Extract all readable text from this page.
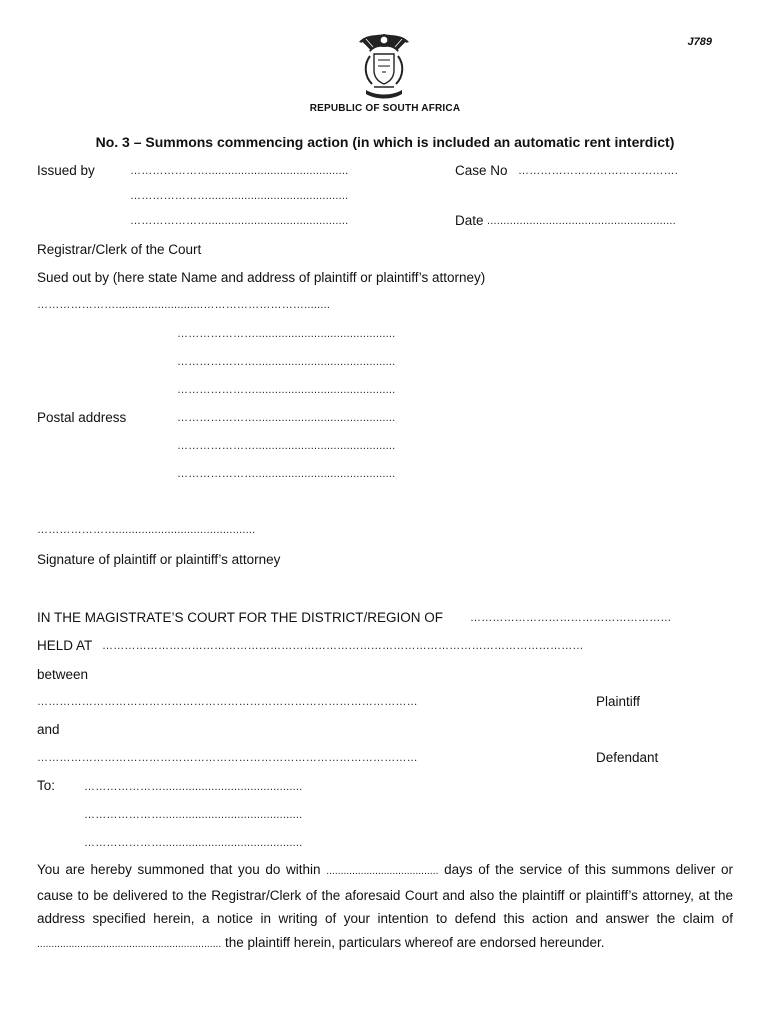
J789
REPUBLIC OF SOUTH AFRICA
No. 3 – Summons commencing action (in which is included an automatic rent interdict)
Issued by	…………………...........................................
…………………...........................................
…………………...........................................
Case No …………………………………….
Date ..........................................................
Registrar/Clerk of the Court
Sued out by (here state Name and address of plaintiff or plaintiff’s attorney)
…………………...........................………………………........
…………………...........................................
…………………...........................................
…………………...........................................
Postal address	…………………...........................................
…………………...........................................
…………………...........................................
…………………...........................................
Signature of plaintiff or plaintiff’s attorney
IN THE MAGISTRATE’S COURT FOR THE DISTRICT/REGION OF ………………………………………………
HELD AT …………………………………………………………………………………………………………………
between
…………………………………………………………………………………………	Plaintiff
and
…………………………………………………………………………………………	Defendant
To:	…………………...........................................
…………………...........................................
…………………...........................................
You are hereby summoned that you do within ....................................... days of the service of this summons deliver or cause to be delivered to the Registrar/Clerk of the aforesaid Court and also the plaintiff or plaintiff’s attorney, at the address specified herein, a notice in writing of your intention to defend this action and answer the claim of ................................................................ the plaintiff herein, particulars whereof are endorsed hereunder.
